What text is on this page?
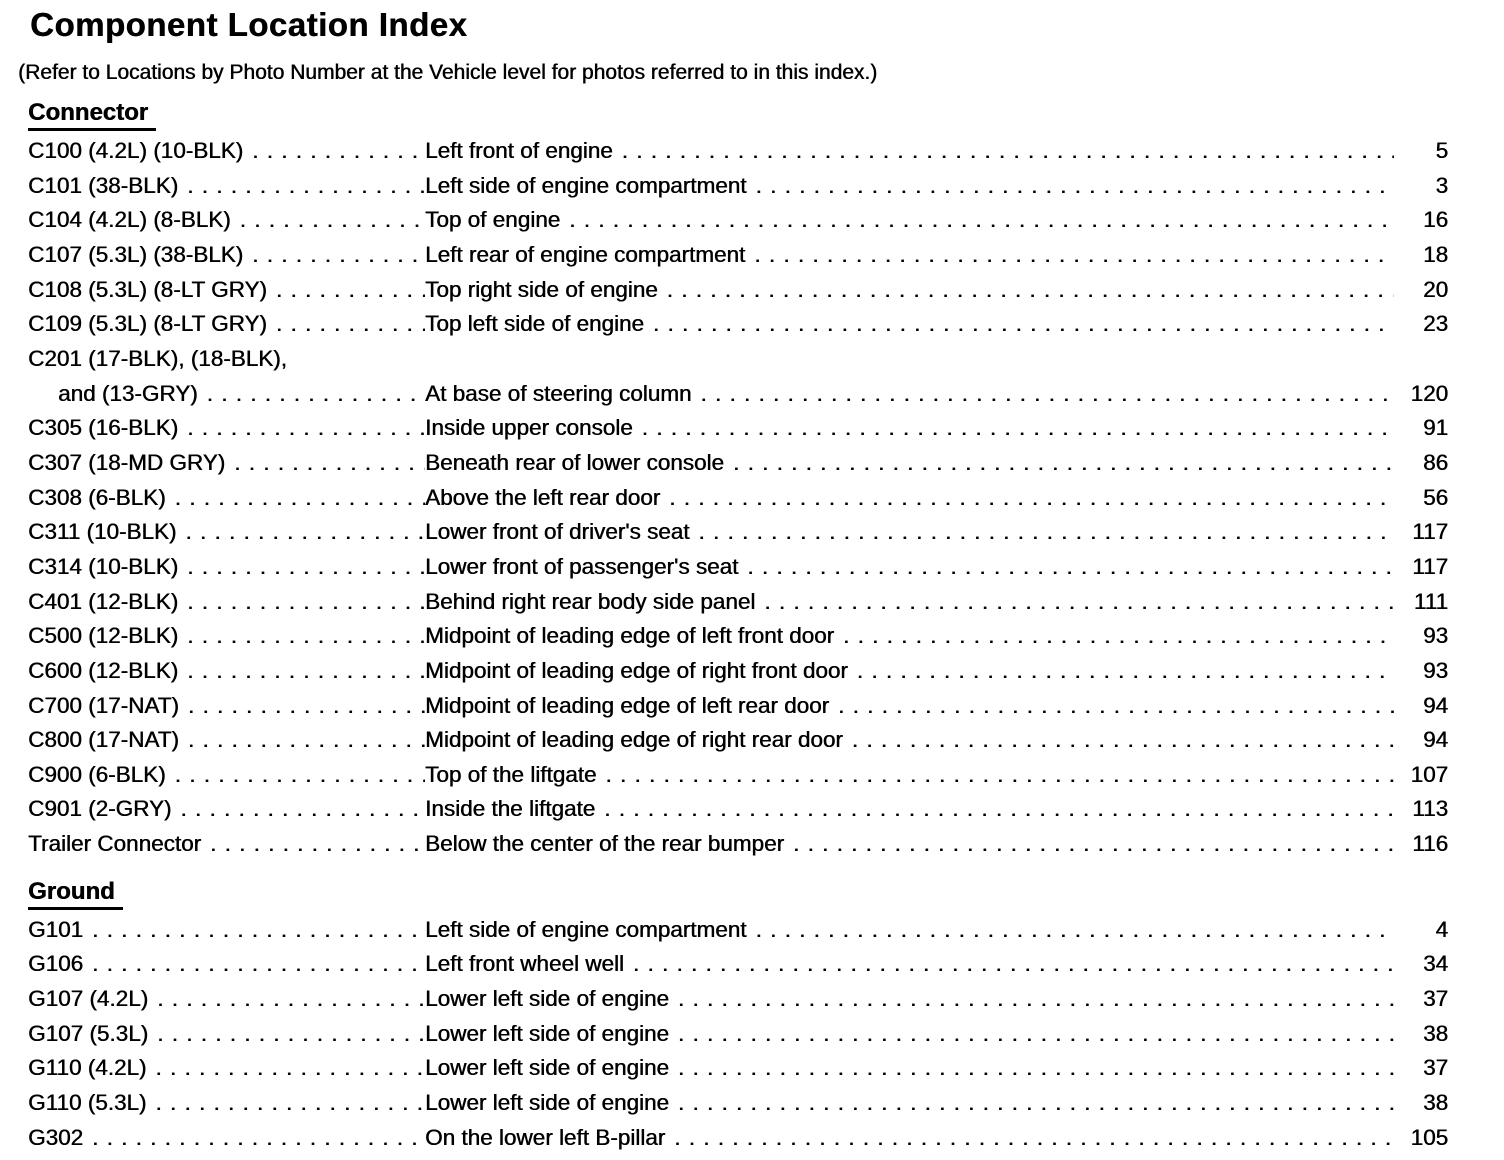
Component Location Index

(Refer to Locations by Photo Number at the Vehicle level for photos referred to in this index.)

Connector
C100 (4.2L) (10-BLK) . . .	Left front of engine . . .	5
C101 (38-BLK) . . .	Left side of engine compartment . . .	3
C104 (4.2L) (8-BLK) . . .	Top of engine . . .	16
C107 (5.3L) (38-BLK) . . .	Left rear of engine compartment . . .	18
C108 (5.3L) (8-LT GRY) . . .	Top right side of engine . . .	20
C109 (5.3L) (8-LT GRY) . . .	Top left side of engine . . .	23
C201 (17-BLK), (18-BLK),
and (13-GRY) . . .	At base of steering column . . .	120
C305 (16-BLK) . . .	Inside upper console . . .	91
C307 (18-MD GRY) . . .	Beneath rear of lower console . . .	86
C308 (6-BLK) . . .	Above the left rear door . . .	56
C311 (10-BLK) . . .	Lower front of driver's seat . . .	117
C314 (10-BLK) . . .	Lower front of passenger's seat . . .	117
C401 (12-BLK) . . .	Behind right rear body side panel . . .	111
C500 (12-BLK) . . .	Midpoint of leading edge of left front door . . .	93
C600 (12-BLK) . . .	Midpoint of leading edge of right front door . . .	93
C700 (17-NAT) . . .	Midpoint of leading edge of left rear door . . .	94
C800 (17-NAT) . . .	Midpoint of leading edge of right rear door . . .	94
C900 (6-BLK) . . .	Top of the liftgate . . .	107
C901 (2-GRY) . . .	Inside the liftgate . . .	113
Trailer Connector . . .	Below the center of the rear bumper . . .	116
Ground
G101 . . .	Left side of engine compartment . . .	4
G106 . . .	Left front wheel well . . .	34
G107 (4.2L) . . .	Lower left side of engine . . .	37
G107 (5.3L) . . .	Lower left side of engine . . .	38
G110 (4.2L) . . .	Lower left side of engine . . .	37
G110 (5.3L) . . .	Lower left side of engine . . .	38
G302 . . .	On the lower left B-pillar . . .	105
